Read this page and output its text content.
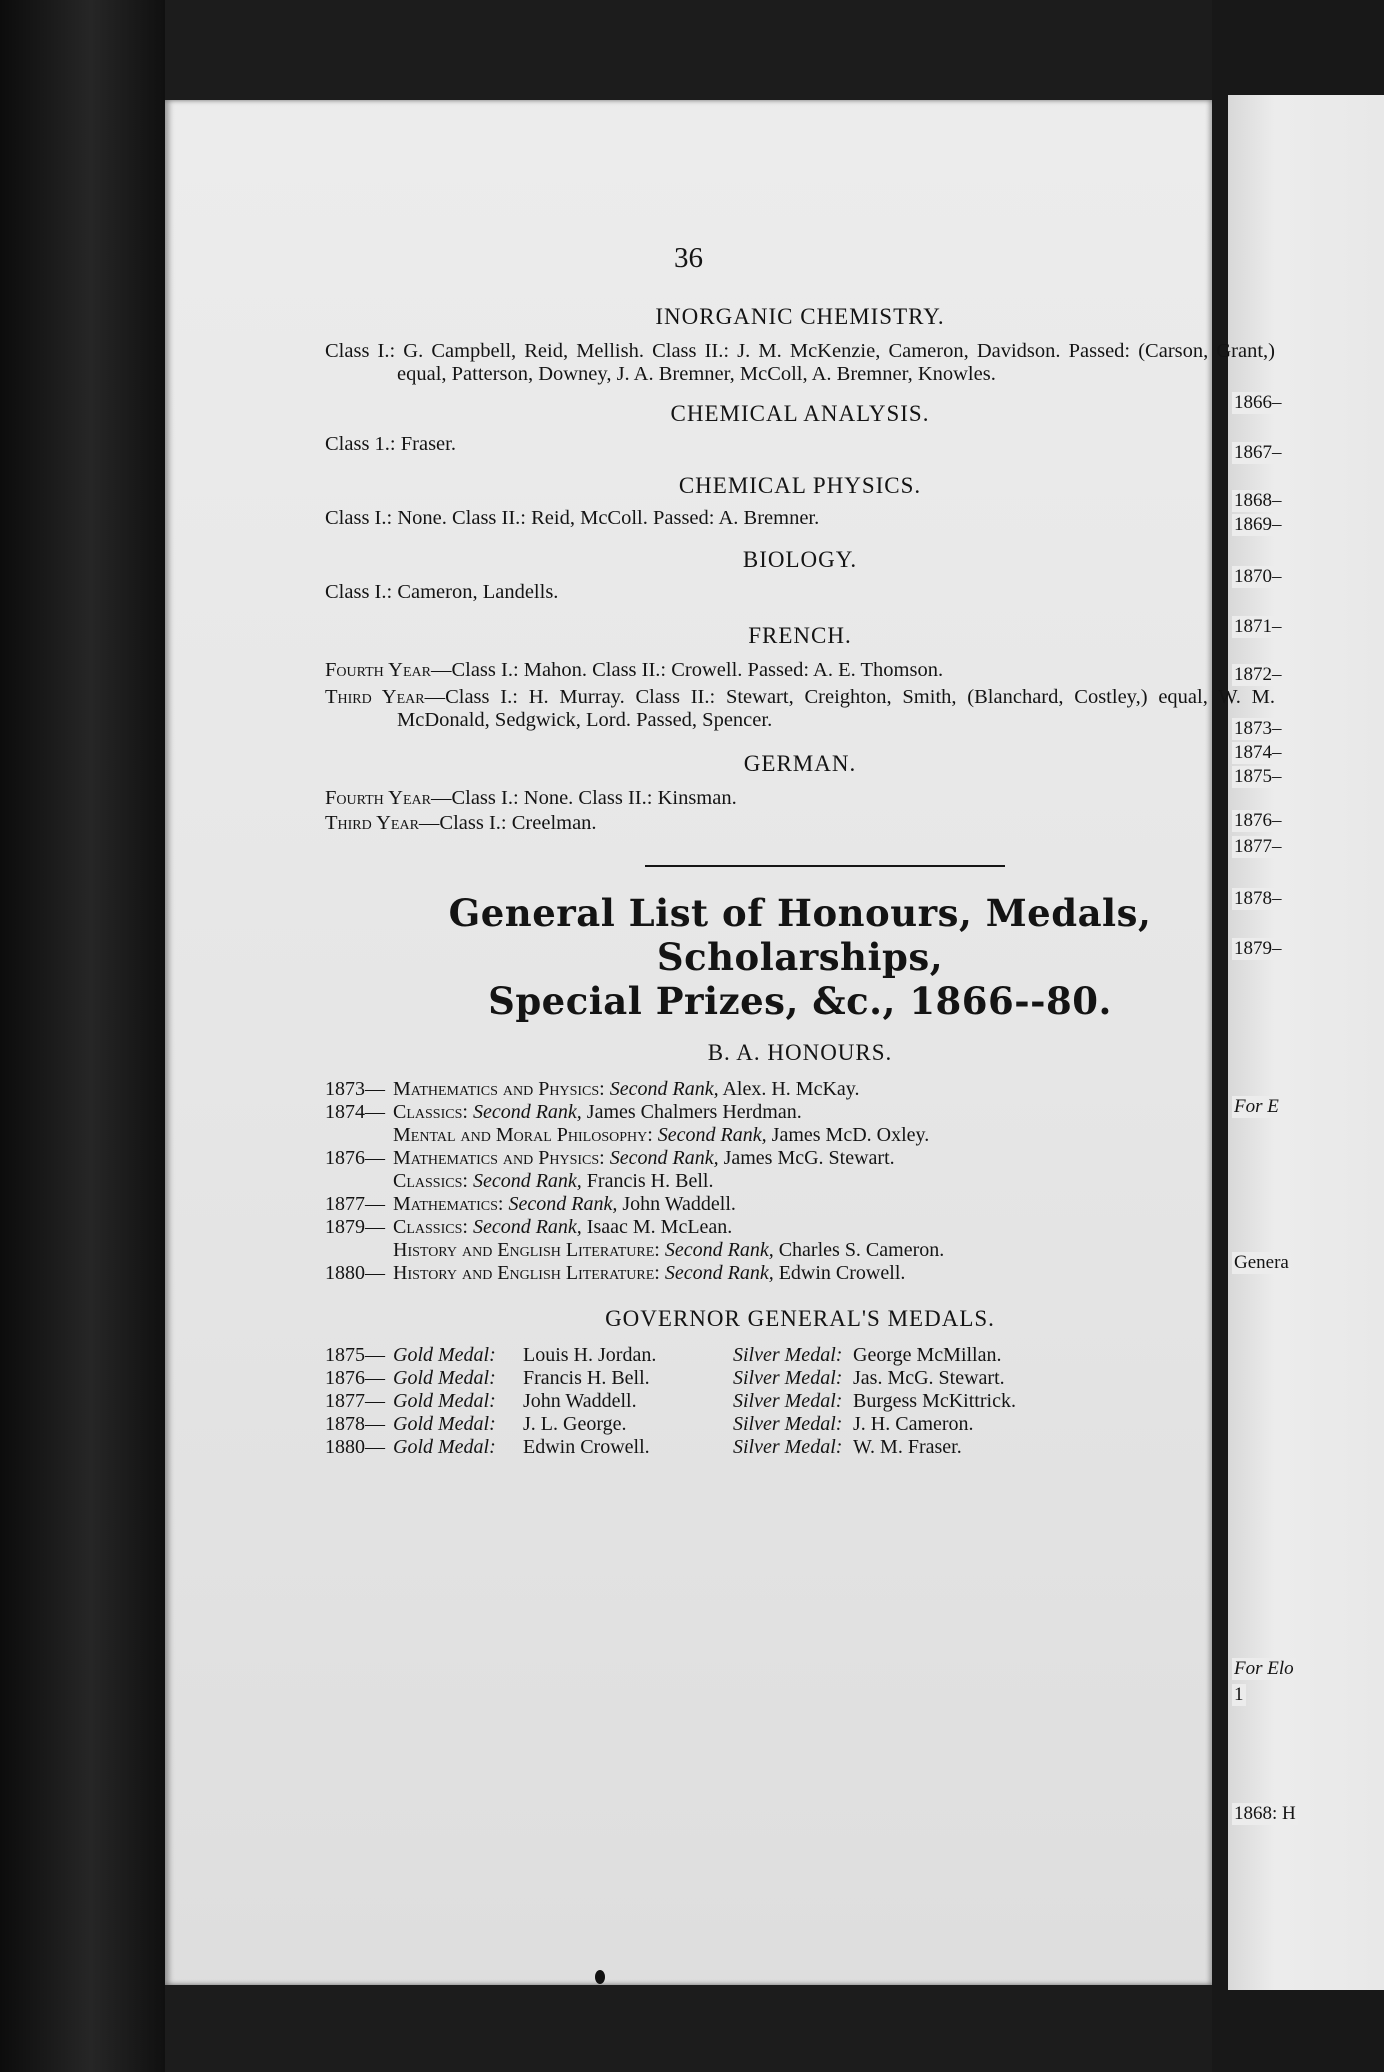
36
INORGANIC CHEMISTRY.

Class I.: G. Campbell, Reid, Mellish. Class II.: J. M. McKenzie, Cameron, Davidson. Passed: (Carson, Grant,) equal, Patterson, Downey, J. A. Bremner, McColl, A. Bremner, Knowles.

CHEMICAL ANALYSIS.

Class 1.: Fraser.

CHEMICAL PHYSICS.

Class I.: None. Class II.: Reid, McColl. Passed: A. Bremner.

BIOLOGY.

Class I.: Cameron, Landells.

FRENCH.

Fourth Year—Class I.: Mahon. Class II.: Crowell. Passed: A. E. Thomson.

Third Year—Class I.: H. Murray. Class II.: Stewart, Creighton, Smith, (Blanchard, Costley,) equal, W. M. McDonald, Sedgwick, Lord. Passed, Spencer.

GERMAN.

Fourth Year—Class I.: None. Class II.: Kinsman.

Third Year—Class I.: Creelman.

General List of Honours, Medals, Scholarships,
Special Prizes, &c., 1866--80.
B. A. HONOURS.
1873— Mathematics and Physics: Second Rank, Alex. H. McKay.
1874— Classics: Second Rank, James Chalmers Herdman.
Mental and Moral Philosophy: Second Rank, James McD. Oxley.
1876— Mathematics and Physics: Second Rank, James McG. Stewart.
Classics: Second Rank, Francis H. Bell.
1877— Mathematics: Second Rank, John Waddell.
1879— Classics: Second Rank, Isaac M. McLean.
History and English Literature: Second Rank, Charles S. Cameron.
1880— History and English Literature: Second Rank, Edwin Crowell.
GOVERNOR GENERAL'S MEDALS.
1875— Gold Medal:	Louis H. Jordan.	Silver Medal: George McMillan.
1876— Gold Medal:	Francis H. Bell.	Silver Medal: Jas. McG. Stewart.
1877— Gold Medal:	John Waddell.	Silver Medal: Burgess McKittrick.
1878— Gold Medal:	J. L. George.	Silver Medal: J. H. Cameron.
1880— Gold Medal:	Edwin Crowell.	Silver Medal: W. M. Fraser.
1866–
1867–
1868–
1869–
1870–
1871–
1872–
1873–
1874–
1875–
1876–
1877–
1878–
1879–
For E
Genera
For Elo
1
1868: H
